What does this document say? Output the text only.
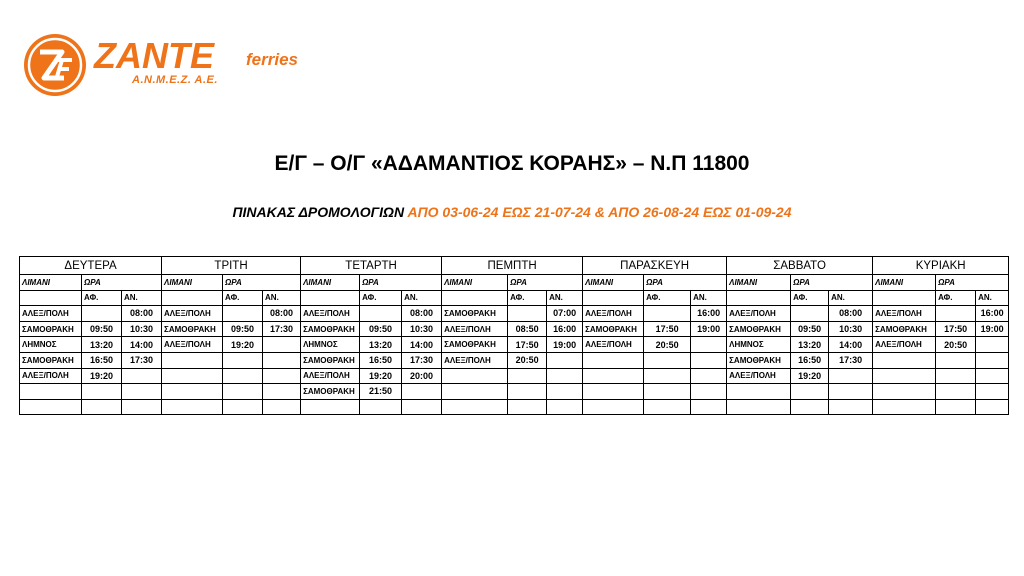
ZANTE ferries
Α.Ν.Μ.Ε.Ζ. Α.Ε.
Ε/Γ – Ο/Γ «ΑΔΑΜΑΝΤΙΟΣ ΚΟΡΑΗΣ» – Ν.Π 11800
ΠΙΝΑΚΑΣ ΔΡΟΜΟΛΟΓΙΩΝ ΑΠΟ 03-06-24 ΕΩΣ 21-07-24 & ΑΠΟ 26-08-24 ΕΩΣ 01-09-24
ΔΕΥΤΕΡΑ			ΤΡΙΤΗ			ΤΕΤΑΡΤΗ			ΠΕΜΠΤΗ			ΠΑΡΑΣΚΕΥΗ			ΣΑΒΒΑΤΟ			ΚΥΡΙΑΚΗ		
ΛΙΜΑΝΙ	ΩΡΑ		ΛΙΜΑΝΙ	ΩΡΑ		ΛΙΜΑΝΙ	ΩΡΑ		ΛΙΜΑΝΙ	ΩΡΑ		ΛΙΜΑΝΙ	ΩΡΑ		ΛΙΜΑΝΙ	ΩΡΑ		ΛΙΜΑΝΙ	ΩΡΑ	
	ΑΦ.	ΑΝ.		ΑΦ.	ΑΝ.		ΑΦ.	ΑΝ.		ΑΦ.	ΑΝ.		ΑΦ.	ΑΝ.		ΑΦ.	ΑΝ.		ΑΦ.	ΑΝ.
ΑΛΕΞ/ΠΟΛΗ		08:00	ΑΛΕΞ/ΠΟΛΗ		08:00	ΑΛΕΞ/ΠΟΛΗ		08:00	ΣΑΜΟΘΡΑΚΗ		07:00	ΑΛΕΞ/ΠΟΛΗ		16:00	ΑΛΕΞ/ΠΟΛΗ		08:00	ΑΛΕΞ/ΠΟΛΗ		16:00
ΣΑΜΟΘΡΑΚΗ	09:50	10:30	ΣΑΜΟΘΡΑΚΗ	09:50	17:30	ΣΑΜΟΘΡΑΚΗ	09:50	10:30	ΑΛΕΞ/ΠΟΛΗ	08:50	16:00	ΣΑΜΟΘΡΑΚΗ	17:50	19:00	ΣΑΜΟΘΡΑΚΗ	09:50	10:30	ΣΑΜΟΘΡΑΚΗ	17:50	19:00
ΛΗΜΝΟΣ	13:20	14:00	ΑΛΕΞ/ΠΟΛΗ	19:20		ΛΗΜΝΟΣ	13:20	14:00	ΣΑΜΟΘΡΑΚΗ	17:50	19:00	ΑΛΕΞ/ΠΟΛΗ	20:50		ΛΗΜΝΟΣ	13:20	14:00	ΑΛΕΞ/ΠΟΛΗ	20:50	
ΣΑΜΟΘΡΑΚΗ	16:50	17:30				ΣΑΜΟΘΡΑΚΗ	16:50	17:30	ΑΛΕΞ/ΠΟΛΗ	20:50					ΣΑΜΟΘΡΑΚΗ	16:50	17:30			
ΑΛΕΞ/ΠΟΛΗ	19:20					ΑΛΕΞ/ΠΟΛΗ	19:20	20:00							ΑΛΕΞ/ΠΟΛΗ	19:20				
						ΣΑΜΟΘΡΑΚΗ	21:50													
